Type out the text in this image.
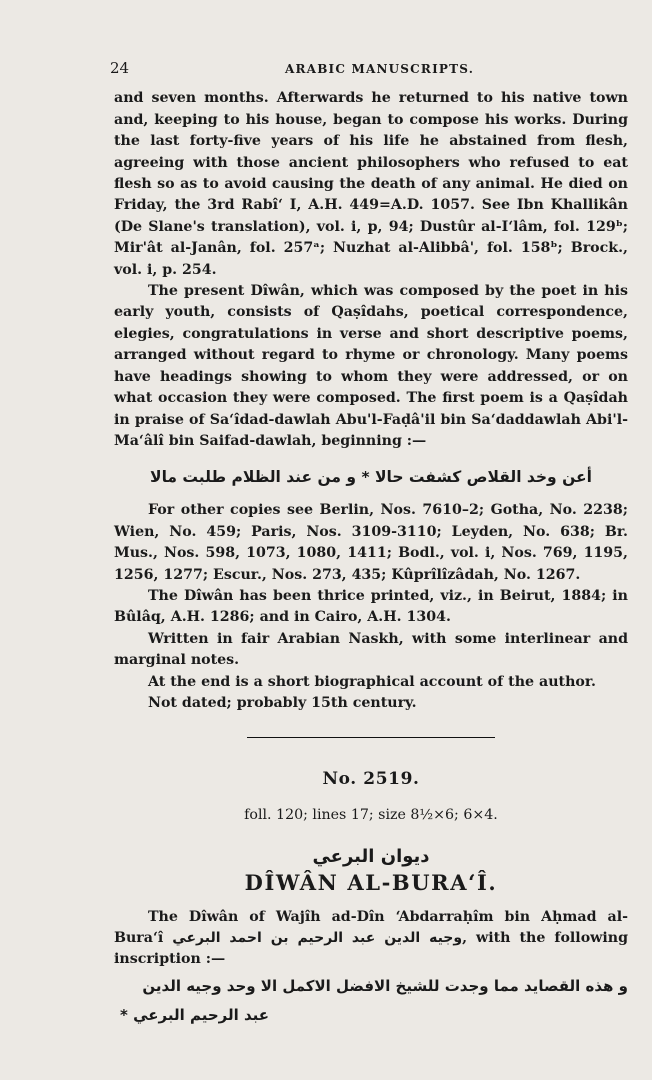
24	ARABIC MANUSCRIPTS.

and seven months. Afterwards he returned to his native town and, keeping to his house, began to compose his works. During the last forty-five years of his life he abstained from flesh, agreeing with those ancient philosophers who refused to eat flesh so as to avoid causing the death of any animal. He died on Friday, the 3rd Rabîʻ I, A.H. 449=A.D. 1057. See Ibn Khallikân (De Slane's translation), vol. i, p, 94; Dustûr al-Iʻlâm, fol. 129ᵇ; Mir'ât al-Janân, fol. 257ᵃ; Nuzhat al-Alibbâ', fol. 158ᵇ; Brock., vol. i, p. 254.

The present Dîwân, which was composed by the poet in his early youth, consists of Qaṣîdahs, poetical correspondence, elegies, congratulations in verse and short descriptive poems, arranged without regard to rhyme or chronology. Many poems have headings showing to whom they were addressed, or on what occasion they were composed. The first poem is a Qaṣîdah in praise of Saʻîdad-dawlah Abu'l-Faḍâ'il bin Saʻdaddawlah Abi'l-Maʻâlî bin Saifad-dawlah, beginning :—

أعن وخد القلاص كشفت حالا * و من عند الظلام طلبت مالا

For other copies see Berlin, Nos. 7610–2; Gotha, No. 2238; Wien, No. 459; Paris, Nos. 3109-3110; Leyden, No. 638; Br. Mus., Nos. 598, 1073, 1080, 1411; Bodl., vol. i, Nos. 769, 1195, 1256, 1277; Escur., Nos. 273, 435; Kûprîlîzâdah, No. 1267.

The Dîwân has been thrice printed, viz., in Beirut, 1884; in Bûlâq, A.H. 1286; and in Cairo, A.H. 1304.

Written in fair Arabian Naskh, with some interlinear and marginal notes.

At the end is a short biographical account of the author.

Not dated; probably 15th century.

No. 2519.
foll. 120; lines 17; size 8½×6; 6×4.
ديوان البرعي
DÎWÂN AL-BURAʻÎ.

The Dîwân of Wajîh ad-Dîn ʻAbdarraḥîm bin Aḥmad al-Buraʻî وجيه الدين عبد الرحيم بن احمد البرعي, with the following inscription :—

و هذه القصايد مما وجدت للشيخ الافضل الاكمل الا وحد وجيه الدين
عبد الرحيم البرعي *
